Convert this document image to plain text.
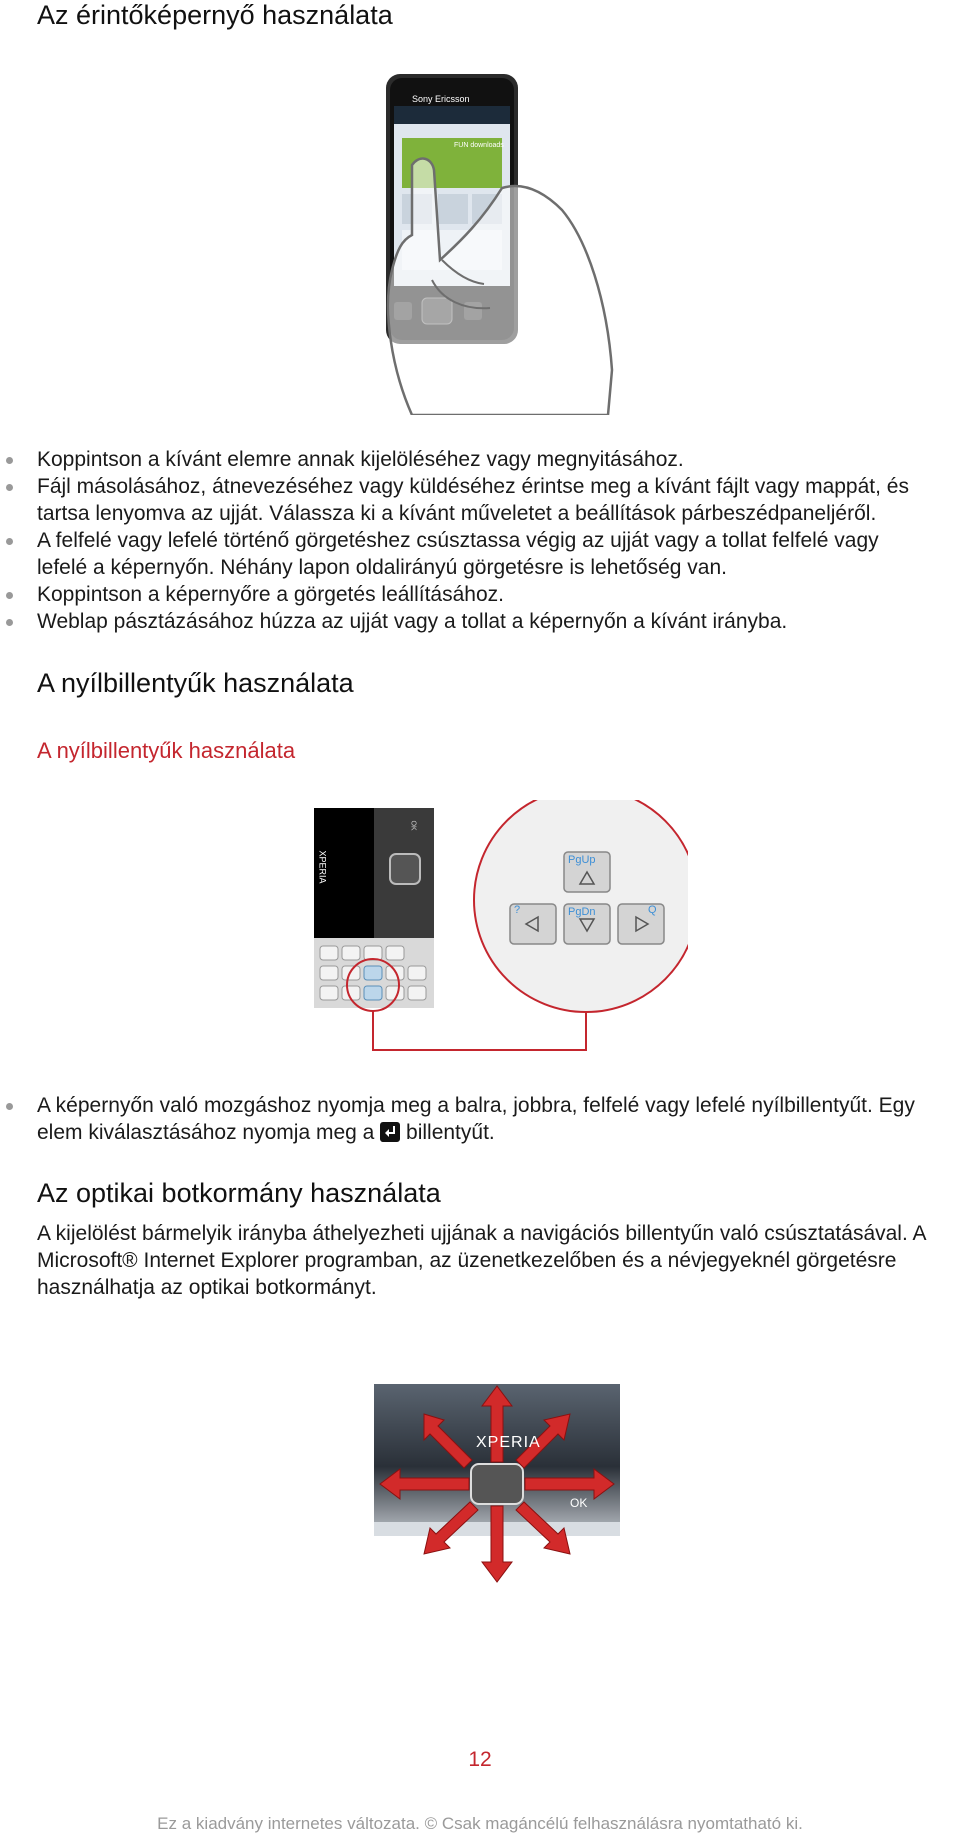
Az érintőképernyő használata
Sony Ericsson
FUN downloads
Koppintson a kívánt elemre annak kijelöléséhez vagy megnyitásához.
Fájl másolásához, átnevezéséhez vagy küldéséhez érintse meg a kívánt fájlt vagy mappát, és tartsa lenyomva az ujját. Válassza ki a kívánt műveletet a beállítások párbeszédpaneljéről.
A felfelé vagy lefelé történő görgetéshez csúsztassa végig az ujját vagy a tollat felfelé vagy lefelé a képernyőn. Néhány lapon oldalirányú görgetésre is lehetőség van.
Koppintson a képernyőre a görgetés leállításához.
Weblap pásztázásához húzza az ujját vagy a tollat a képernyőn a kívánt irányba.
A nyílbillentyűk használata
A nyílbillentyűk használata
XPERIA
OK
PgUp
?	PgDn	Q
A képernyőn való mozgáshoz nyomja meg a balra, jobbra, felfelé vagy lefelé nyílbillentyűt. Egy elem kiválasztásához nyomja meg a billentyűt.
Az optikai botkormány használata

A kijelölést bármelyik irányba áthelyezheti ujjának a navigációs billentyűn való csúsztatásával. A Microsoft® Internet Explorer programban, az üzenetkezelőben és a névjegyeknél görgetésre használhatja az optikai botkormányt.

XPERIA
OK
12
Ez a kiadvány internetes változata. © Csak magáncélú felhasználásra nyomtatható ki.
